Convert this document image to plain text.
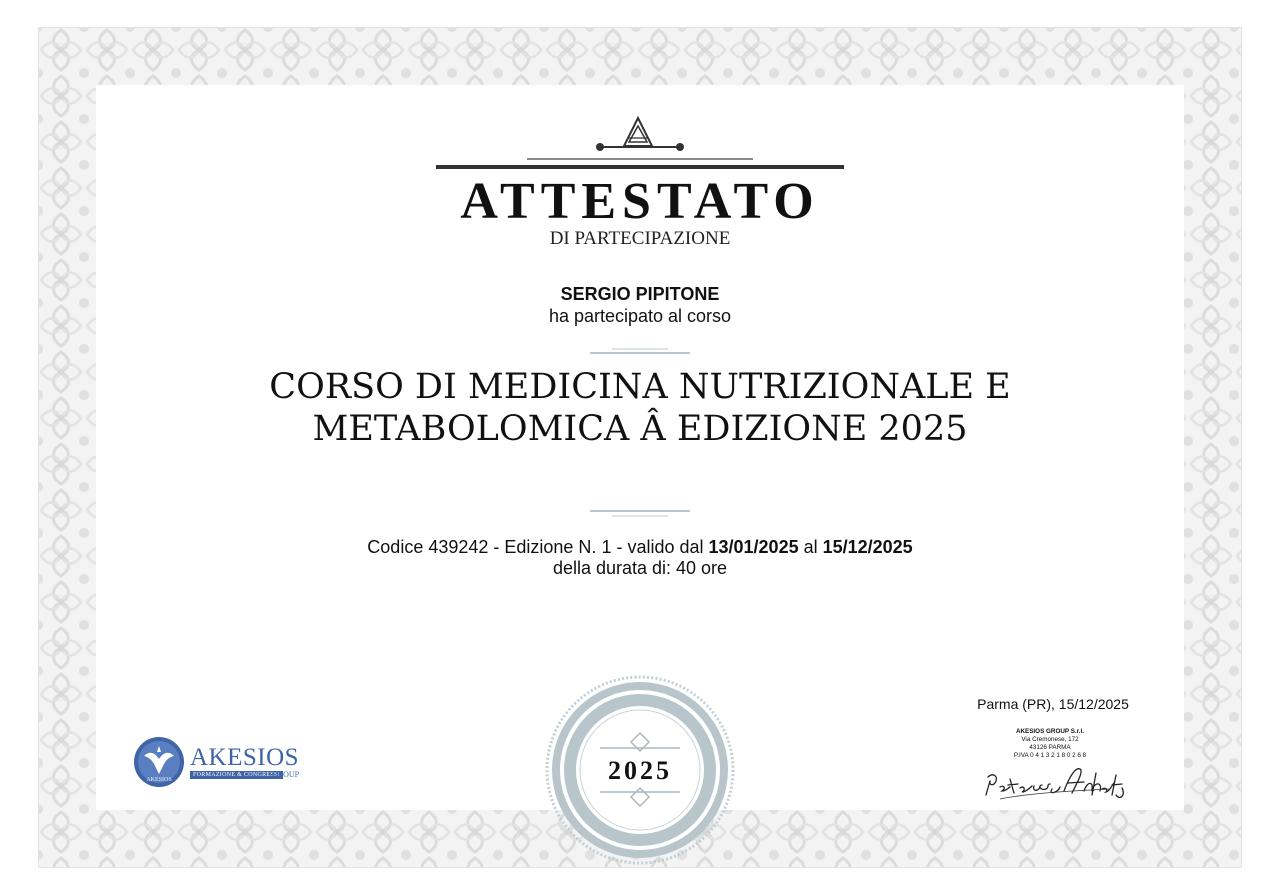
ATTESTATO
DI PARTECIPAZIONE
SERGIO PIPITONE
ha partecipato al corso
CORSO DI MEDICINA NUTRIZIONALE E
METABOLOMICA Â EDIZIONE 2025
Codice 439242 - Edizione N. 1 - valido dal 13/01/2025 al 15/12/2025
della durata di: 40 ore
2025
AKESIOS
AKESIOS
FORMAZIONE & CONGRESSI
GROUP
Parma (PR), 15/12/2025
AKESIOS GROUP S.r.l.
Via Cremonese, 172
43126 PARMA
P.IVA 0 4 1 3 2 1 8 0 2 6 8
Petrusgh Anchetta
